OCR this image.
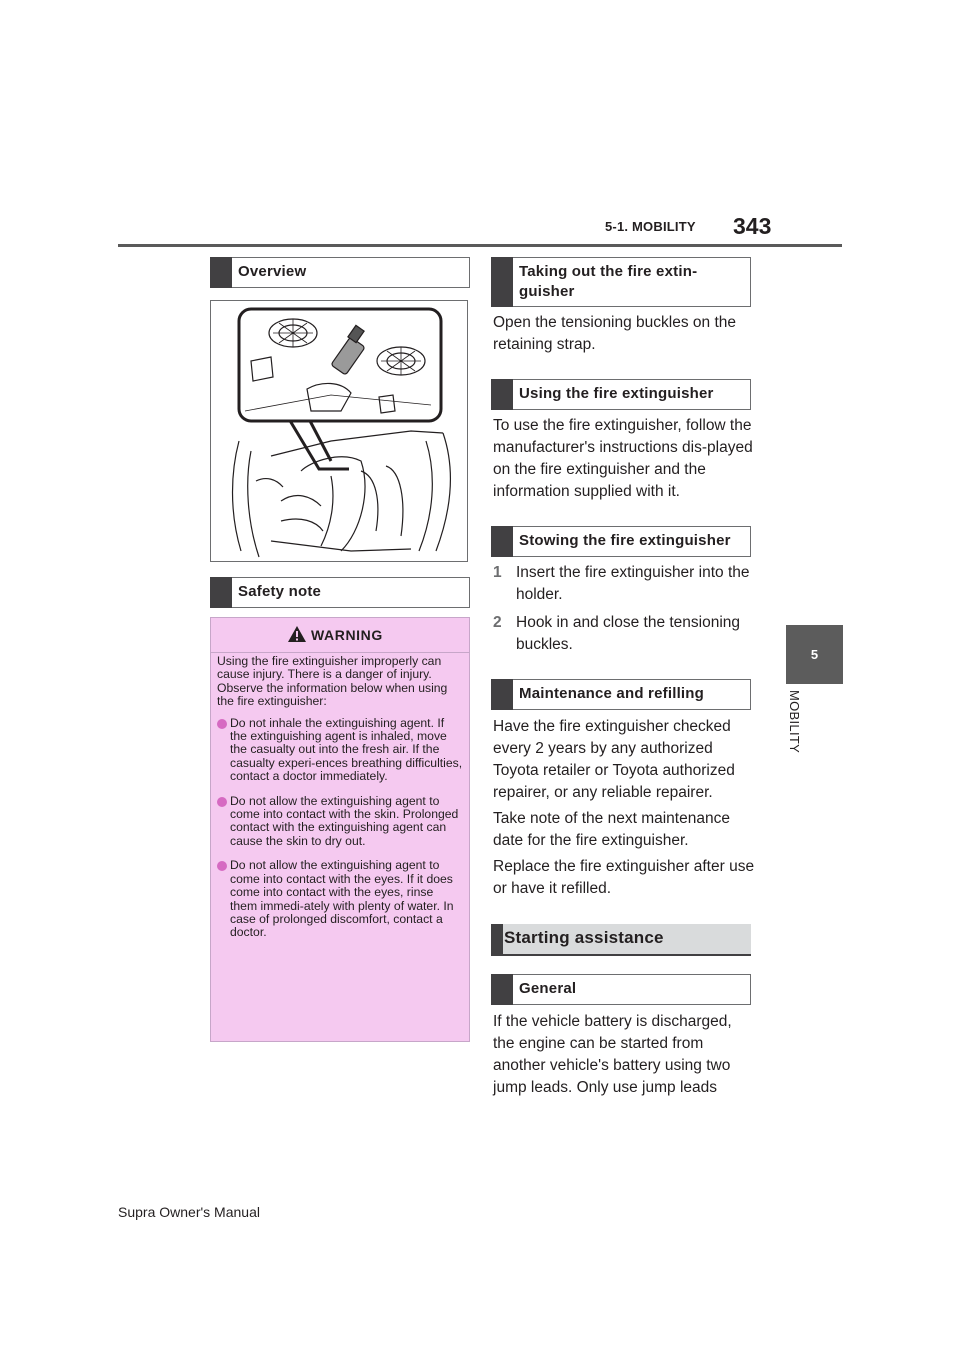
5-1. MOBILITY 343
5
MOBILITY
Overview
Safety note
WARNING

Using the fire extinguisher improperly can cause injury. There is a danger of injury. Observe the information below when using the fire extinguisher:

Do not inhale the extinguishing agent. If the extinguishing agent is inhaled, move the casualty out into the fresh air. If the casualty experi-ences breathing difficulties, contact a doctor immediately.
Do not allow the extinguishing agent to come into contact with the skin. Prolonged contact with the extinguishing agent can cause the skin to dry out.
Do not allow the extinguishing agent to come into contact with the eyes. If it does come into contact with the eyes, rinse them immedi-ately with plenty of water. In case of prolonged discomfort, contact a doctor.
Taking out the fire extin-guisher

Open the tensioning buckles on the retaining strap.

Using the fire extinguisher

To use the fire extinguisher, follow the manufacturer's instructions dis-played on the fire extinguisher and the information supplied with it.

Stowing the fire extinguisher
1 Insert the fire extinguisher into the holder.
2 Hook in and close the tensioning buckles.
Maintenance and refilling

Have the fire extinguisher checked every 2 years by any authorized Toyota retailer or Toyota authorized repairer, or any reliable repairer.

Take note of the next maintenance date for the fire extinguisher.

Replace the fire extinguisher after use or have it refilled.

Starting assistance
General

If the vehicle battery is discharged, the engine can be started from another vehicle's battery using two jump leads. Only use jump leads

Supra Owner's Manual
